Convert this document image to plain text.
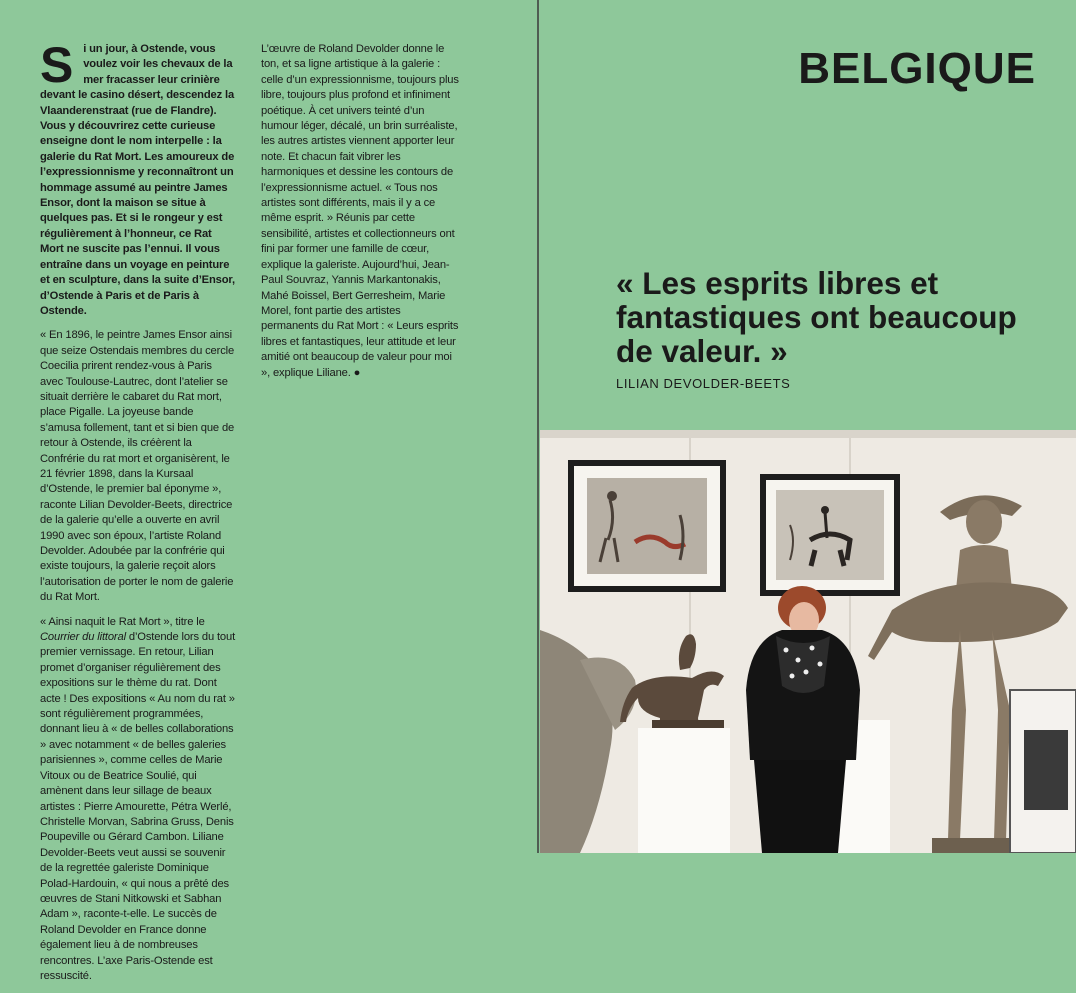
Si un jour, à Ostende, vous voulez voir les chevaux de la mer fracasser leur crinière devant le casino désert, descendez la Vlaanderenstraat (rue de Flandre). Vous y découvrirez cette curieuse enseigne dont le nom interpelle : la galerie du Rat Mort. Les amoureux de l’expressionnisme y reconnaîtront un hommage assumé au peintre James Ensor, dont la maison se situe à quelques pas. Et si le rongeur y est régulièrement à l’honneur, ce Rat Mort ne suscite pas l’ennui. Il vous entraîne dans un voyage en peinture et en sculpture, dans la suite d’Ensor, d’Ostende à Paris et de Paris à Ostende.

« En 1896, le peintre James Ensor ainsi que seize Ostendais membres du cercle Coecilia prirent rendez-vous à Paris avec Toulouse-Lautrec, dont l’atelier se situait derrière le cabaret du Rat mort, place Pigalle. La joyeuse bande s’amusa follement, tant et si bien que de retour à Ostende, ils créèrent la Confrérie du rat mort et organisèrent, le 21 février 1898, dans la Kursaal d’Ostende, le premier bal éponyme », raconte Lilian Devolder-Beets, directrice de la galerie qu’elle a ouverte en avril 1990 avec son époux, l’artiste Roland Devolder. Adoubée par la confrérie qui existe toujours, la galerie reçoit alors l’autorisation de porter le nom de galerie du Rat Mort.

« Ainsi naquit le Rat Mort », titre le Courrier du littoral d’Ostende lors du tout premier vernissage. En retour, Lilian promet d’organiser régulièrement des expositions sur le thème du rat. Dont acte ! Des expositions « Au nom du rat » sont régulièrement programmées, donnant lieu à « de belles collaborations » avec notamment « de belles galeries parisiennes », comme celles de Marie Vitoux ou de Beatrice Soulié, qui amènent dans leur sillage de beaux artistes : Pierre Amourette, Pétra Werlé, Christelle Morvan, Sabrina Gruss, Denis Poupeville ou Gérard Cambon. Liliane Devolder-Beets veut aussi se souvenir de la regrettée galeriste Dominique Polad-Hardouin, « qui nous a prêté des œuvres de Stani Nitkowski et Sabhan Adam », raconte-t-elle. Le succès de Roland Devolder en France donne également lieu à de nombreuses rencontres. L’axe Paris-Ostende est ressuscité.

L’œuvre de Roland Devolder donne le ton, et sa ligne artistique à la galerie : celle d’un expressionnisme, toujours plus libre, toujours plus profond et infiniment poétique. À cet univers teinté d’un humour léger, décalé, un brin surréaliste, les autres artistes viennent apporter leur note. Et chacun fait vibrer les harmoniques et dessine les contours de l’expressionnisme actuel. « Tous nos artistes sont différents, mais il y a ce même esprit. » Réunis par cette sensibilité, artistes et collectionneurs ont fini par former une famille de cœur, explique la galeriste. Aujourd’hui, Jean-Paul Souvraz, Yannis Markantonakis, Mahé Boissel, Bert Gerresheim, Marie Morel, font partie des artistes permanents du Rat Mort : « Leurs esprits libres et fantastiques, leur attitude et leur amitié ont beaucoup de valeur pour moi », explique Liliane. ●

BELGIQUE
« Les esprits libres et fantastiques ont beaucoup de valeur. »
LILIAN DEVOLDER-BEETS
